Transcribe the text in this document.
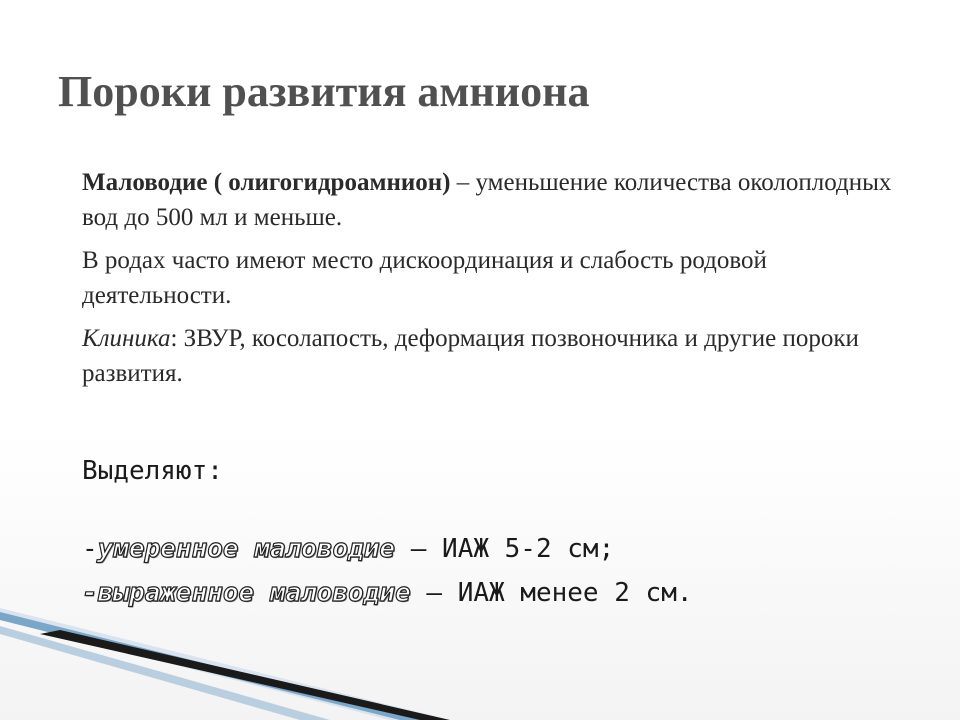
Пороки развития амниона

Маловодие ( олигогидроамнион) – уменьшение количества околоплодных вод до 500 мл и меньше.

В родах часто имеют место дискоординация и слабость родовой деятельности.

Клиника: ЗВУР, косолапость, деформация позвоночника и другие пороки развития.

Выделяют:
-умеренное маловодие – ИАЖ 5-2 см;
-выраженное маловодие – ИАЖ менее 2 см.
